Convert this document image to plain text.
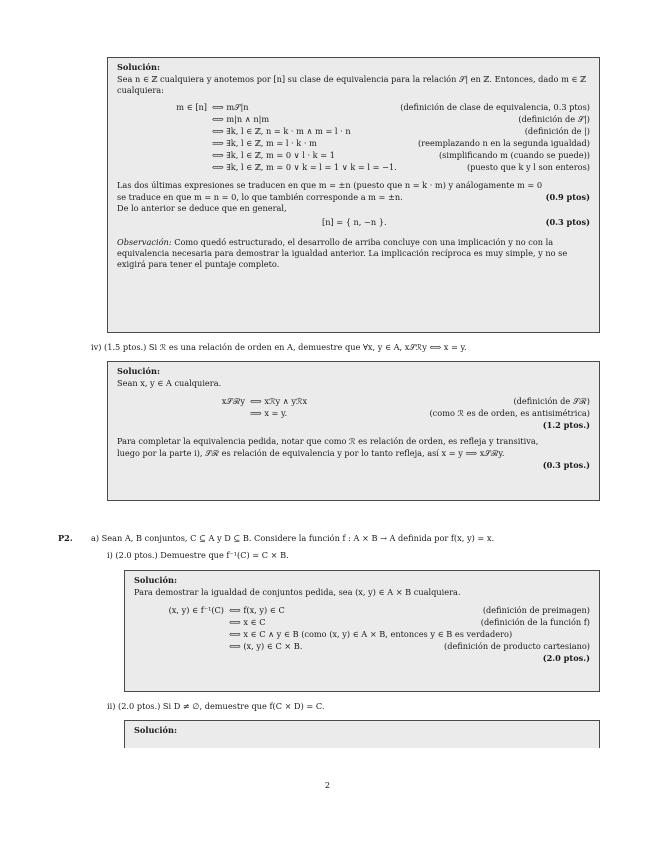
Solución:
Sea n ∈ ℤ cualquiera y anotemos por [n] su clase de equivalencia para la relación 𝒮| en ℤ. Entonces, dado m ∈ ℤ cualquiera:
m ∈ [n] ⟺ m𝒮|n	(definición de clase de equivalencia, 0.3 ptos)
⟺ m|n ∧ n|m	(definición de 𝒮|)
⟺ ∃k, l ∈ ℤ, n = k · m ∧ m = l · n	(definición de |)
⟹ ∃k, l ∈ ℤ, m = l · k · m	(reemplazando n en la segunda igualdad)
⟺ ∃k, l ∈ ℤ, m = 0 ∨ l · k = 1	(simplificando m (cuando se puede))
⟺ ∃k, l ∈ ℤ, m = 0 ∨ k = l = 1 ∨ k = l = −1.	(puesto que k y l son enteros)
Las dos últimas expresiones se traducen en que m = ±n (puesto que n = k · m) y análogamente m = 0
se traduce en que m = n = 0, lo que también corresponde a m = ±n.	(0.9 ptos)
De lo anterior se deduce que en general,
[n] = { n, −n }.	(0.3 ptos)
Observación: Como quedó estructurado, el desarrollo de arriba concluye con una implicación y no con la equivalencia necesaria para demostrar la igualdad anterior. La implicación recíproca es muy simple, y no se exigirá para tener el puntaje completo.
iv) (1.5 ptos.) Si ℛ es una relación de orden en A, demuestre que ∀x, y ∈ A, x𝒮ℛy ⟺ x = y.
Solución:
Sean x, y ∈ A cualquiera.
x𝒮ℛy ⟺ xℛy ∧ yℛx	(definición de 𝒮ℛ)
⟹ x = y.	(como ℛ es de orden, es antisimétrica)
(1.2 ptos.)
Para completar la equivalencia pedida, notar que como ℛ es relación de orden, es refleja y transitiva,
luego por la parte i), 𝒮ℛ es relación de equivalencia y por lo tanto refleja, así x = y ⟹ x𝒮ℛy.
(0.3 ptos.)
P2. a) Sean A, B conjuntos, C ⊆ A y D ⊆ B. Considere la función f : A × B → A definida por f(x, y) = x.
i) (2.0 ptos.) Demuestre que f⁻¹(C) = C × B.
Solución:
Para demostrar la igualdad de conjuntos pedida, sea (x, y) ∈ A × B cualquiera.
(x, y) ∈ f⁻¹(C) ⟺ f(x, y) ∈ C	(definición de preimagen)
⟺ x ∈ C	(definición de la función f)
⟺ x ∈ C ∧ y ∈ B (como (x, y) ∈ A × B, entonces y ∈ B es verdadero)
⟺ (x, y) ∈ C × B.	(definición de producto cartesiano)
(2.0 ptos.)
ii) (2.0 ptos.) Si D ≠ ∅, demuestre que f(C × D) = C.
Solución:
2
